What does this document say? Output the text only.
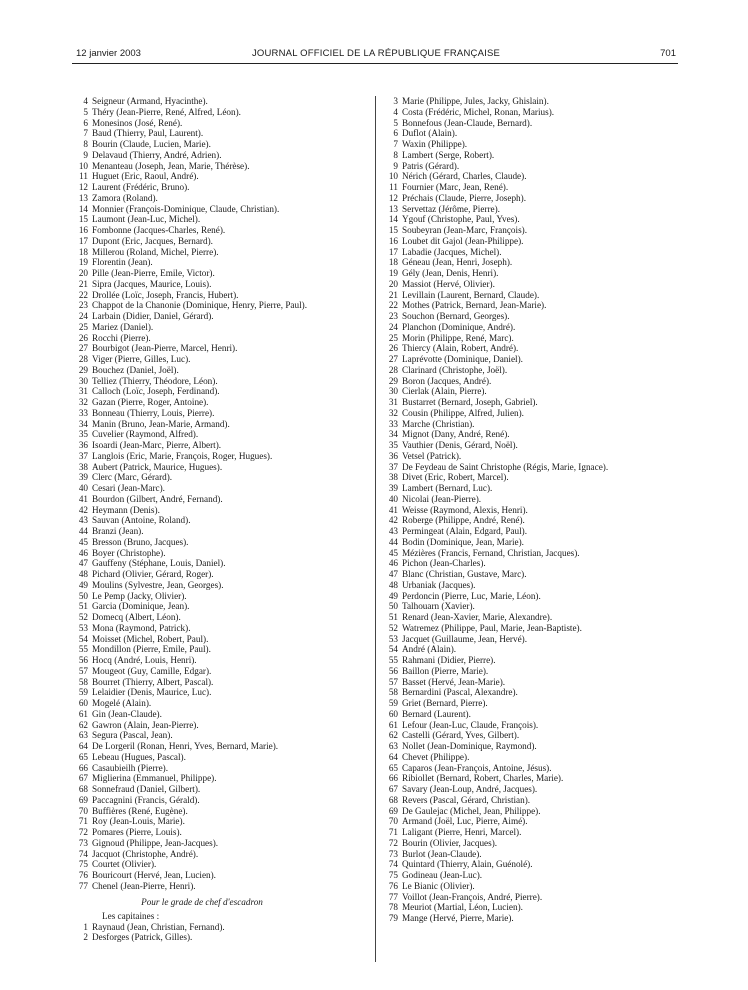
12 janvier 2003	JOURNAL OFFICIEL DE LA RÉPUBLIQUE FRANÇAISE	701
4 Seigneur (Armand, Hyacinthe).
5 Théry (Jean-Pierre, René, Alfred, Léon).
6 Monesinos (José, René).
7 Baud (Thierry, Paul, Laurent).
8 Bourin (Claude, Lucien, Marie).
9 Delavaud (Thierry, André, Adrien).
10 Menanteau (Joseph, Jean, Marie, Thérèse).
11 Huguet (Eric, Raoul, André).
12 Laurent (Frédéric, Bruno).
13 Zamora (Roland).
14 Monnier (François-Dominique, Claude, Christian).
15 Laumont (Jean-Luc, Michel).
16 Fombonne (Jacques-Charles, René).
17 Dupont (Eric, Jacques, Bernard).
18 Millerou (Roland, Michel, Pierre).
19 Florentin (Jean).
20 Pille (Jean-Pierre, Emile, Victor).
21 Sipra (Jacques, Maurice, Louis).
22 Drollée (Loïc, Joseph, Francis, Hubert).
23 Chappot de la Chanonie (Dominique, Henry, Pierre, Paul).
24 Larbain (Didier, Daniel, Gérard).
25 Mariez (Daniel).
26 Rocchi (Pierre).
27 Bourbigot (Jean-Pierre, Marcel, Henri).
28 Viger (Pierre, Gilles, Luc).
29 Bouchez (Daniel, Joël).
30 Telliez (Thierry, Théodore, Léon).
31 Calloch (Loïc, Joseph, Ferdinand).
32 Gazan (Pierre, Roger, Antoine).
33 Bonneau (Thierry, Louis, Pierre).
34 Manin (Bruno, Jean-Marie, Armand).
35 Cuvelier (Raymond, Alfred).
36 Isoardi (Jean-Marc, Pierre, Albert).
37 Langlois (Eric, Marie, François, Roger, Hugues).
38 Aubert (Patrick, Maurice, Hugues).
39 Clerc (Marc, Gérard).
40 Cesari (Jean-Marc).
41 Bourdon (Gilbert, André, Fernand).
42 Heymann (Denis).
43 Sauvan (Antoine, Roland).
44 Branzi (Jean).
45 Bresson (Bruno, Jacques).
46 Boyer (Christophe).
47 Gauffeny (Stéphane, Louis, Daniel).
48 Pichard (Olivier, Gérard, Roger).
49 Moulins (Sylvestre, Jean, Georges).
50 Le Pemp (Jacky, Olivier).
51 Garcia (Dominique, Jean).
52 Domecq (Albert, Léon).
53 Mona (Raymond, Patrick).
54 Moisset (Michel, Robert, Paul).
55 Mondillon (Pierre, Emile, Paul).
56 Hocq (André, Louis, Henri).
57 Mougeot (Guy, Camille, Edgar).
58 Bourret (Thierry, Albert, Pascal).
59 Lelaidier (Denis, Maurice, Luc).
60 Mogelé (Alain).
61 Gin (Jean-Claude).
62 Gawron (Alain, Jean-Pierre).
63 Segura (Pascal, Jean).
64 De Lorgeril (Ronan, Henri, Yves, Bernard, Marie).
65 Lebeau (Hugues, Pascal).
66 Casaubieilh (Pierre).
67 Miglierina (Emmanuel, Philippe).
68 Sonnefraud (Daniel, Gilbert).
69 Paccagnini (Francis, Gérald).
70 Buffières (René, Eugène).
71 Roy (Jean-Louis, Marie).
72 Pomares (Pierre, Louis).
73 Gignoud (Philippe, Jean-Jacques).
74 Jacquot (Christophe, André).
75 Courtet (Olivier).
76 Bouricourt (Hervé, Jean, Lucien).
77 Chenel (Jean-Pierre, Henri).
Pour le grade de chef d'escadron
Les capitaines :
1 Raynaud (Jean, Christian, Fernand).
2 Desforges (Patrick, Gilles).
3 Marie (Philippe, Jules, Jacky, Ghislain).
4 Costa (Frédéric, Michel, Ronan, Marius).
5 Bonnefous (Jean-Claude, Bernard).
6 Duflot (Alain).
7 Waxin (Philippe).
8 Lambert (Serge, Robert).
9 Patris (Gérard).
10 Nérich (Gérard, Charles, Claude).
11 Fournier (Marc, Jean, René).
12 Préchais (Claude, Pierre, Joseph).
13 Servettaz (Jérôme, Pierre).
14 Ygouf (Christophe, Paul, Yves).
15 Soubeyran (Jean-Marc, François).
16 Loubet dit Gajol (Jean-Philippe).
17 Labadie (Jacques, Michel).
18 Géneau (Jean, Henri, Joseph).
19 Gély (Jean, Denis, Henri).
20 Massiot (Hervé, Olivier).
21 Levillain (Laurent, Bernard, Claude).
22 Mothes (Patrick, Bernard, Jean-Marie).
23 Souchon (Bernard, Georges).
24 Planchon (Dominique, André).
25 Morin (Philippe, René, Marc).
26 Thiercy (Alain, Robert, André).
27 Laprévotte (Dominique, Daniel).
28 Clarinard (Christophe, Joël).
29 Boron (Jacques, André).
30 Cierlak (Alain, Pierre).
31 Bustarret (Bernard, Joseph, Gabriel).
32 Cousin (Philippe, Alfred, Julien).
33 Marche (Christian).
34 Mignot (Dany, André, René).
35 Vauthier (Denis, Gérard, Noël).
36 Vetsel (Patrick).
37 De Feydeau de Saint Christophe (Régis, Marie, Ignace).
38 Divet (Eric, Robert, Marcel).
39 Lambert (Bernard, Luc).
40 Nicolai (Jean-Pierre).
41 Weisse (Raymond, Alexis, Henri).
42 Roberge (Philippe, André, René).
43 Permingeat (Alain, Edgard, Paul).
44 Bodin (Dominique, Jean, Marie).
45 Mézières (Francis, Fernand, Christian, Jacques).
46 Pichon (Jean-Charles).
47 Blanc (Christian, Gustave, Marc).
48 Urbaniak (Jacques).
49 Perdoncin (Pierre, Luc, Marie, Léon).
50 Talhouarn (Xavier).
51 Renard (Jean-Xavier, Marie, Alexandre).
52 Watremez (Philippe, Paul, Marie, Jean-Baptiste).
53 Jacquet (Guillaume, Jean, Hervé).
54 André (Alain).
55 Rahmani (Didier, Pierre).
56 Baillon (Pierre, Marie).
57 Basset (Hervé, Jean-Marie).
58 Bernardini (Pascal, Alexandre).
59 Griet (Bernard, Pierre).
60 Bernard (Laurent).
61 Lefour (Jean-Luc, Claude, François).
62 Castelli (Gérard, Yves, Gilbert).
63 Nollet (Jean-Dominique, Raymond).
64 Chevet (Philippe).
65 Caparos (Jean-François, Antoine, Jésus).
66 Ribiollet (Bernard, Robert, Charles, Marie).
67 Savary (Jean-Loup, André, Jacques).
68 Revers (Pascal, Gérard, Christian).
69 De Gaulejac (Michel, Jean, Philippe).
70 Armand (Joël, Luc, Pierre, Aimé).
71 Laligant (Pierre, Henri, Marcel).
72 Bourin (Olivier, Jacques).
73 Burlot (Jean-Claude).
74 Quintard (Thierry, Alain, Guénolé).
75 Godineau (Jean-Luc).
76 Le Bianic (Olivier).
77 Voillot (Jean-François, André, Pierre).
78 Meuriot (Martial, Léon, Lucien).
79 Mange (Hervé, Pierre, Marie).
